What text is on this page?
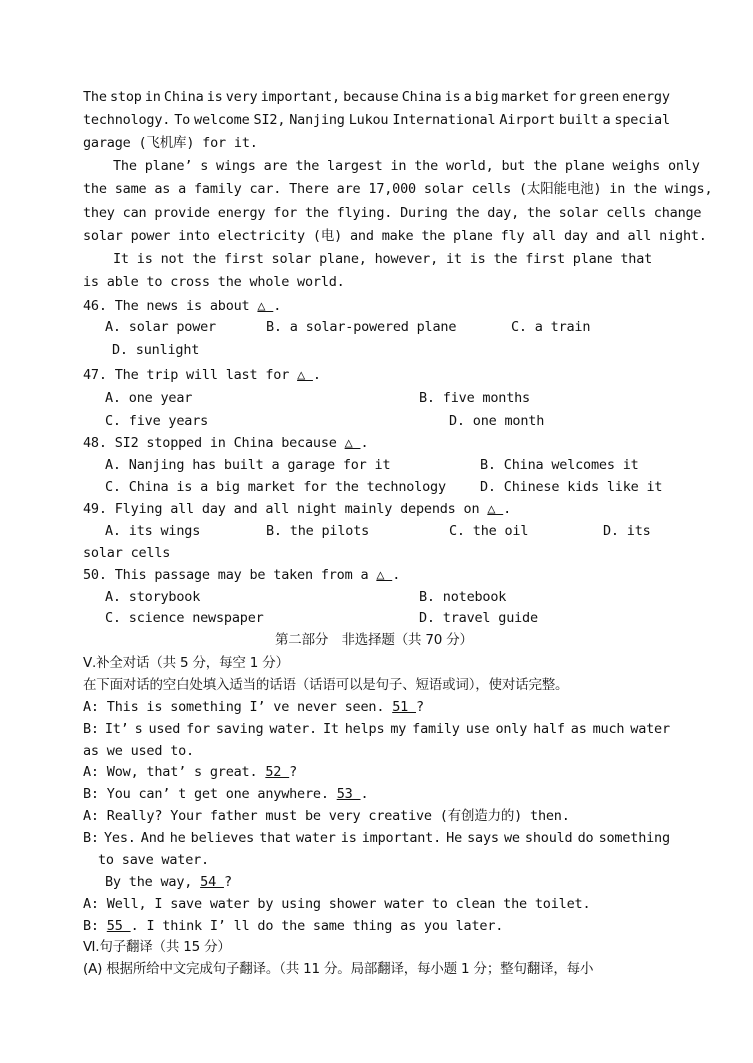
The stop in China is very important, because China is a big market for green energy
technology. To welcome SI2, Nanjing Lukou International Airport built a special
garage (飞机库) for it.
The plane’ s wings are the largest in the world, but the plane weighs only
the same as a family car. There are 17,000 solar cells (太阳能电池) in the wings,
they can provide energy for the flying. During the day, the solar cells change
solar power into electricity (电) and make the plane fly all day and all night.
It is not the first solar plane, however, it is the first plane that
is able to cross the whole world.
46. The news is about △ .
A. solar power	B. a solar-powered plane	C. a train
D. sunlight
47. The trip will last for △ .
A. one year	B. five months
C. five years	D. one month
48. SI2 stopped in China because △ .
A. Nanjing has built a garage for it	B. China welcomes it
C. China is a big market for the technology	D. Chinese kids like it
49. Flying all day and all night mainly depends on △ .
A. its wings	B. the pilots	C. the oil	D. its
solar cells
50. This passage may be taken from a △ .
A. storybook	B. notebook
C. science newspaper	D. travel guide
第二部分　非选择题（共 70 分）
Ⅴ.补全对话（共 5 分，每空 1 分）
在下面对话的空白处填入适当的话语（话语可以是句子、短语或词），使对话完整。
A: This is something I’ ve never seen. 51 ?
B: It’ s used for saving water. It helps my family use only half as much water
as we used to.
A: Wow, that’ s great. 52 ?
B: You can’ t get one anywhere. 53 .
A: Really? Your father must be very creative (有创造力的) then.
B: Yes. And he believes that water is important. He says we should do something
to save water.
By the way, 54 ?
A: Well, I save water by using shower water to clean the toilet.
B: 55 . I think I’ ll do the same thing as you later.
Ⅵ.句子翻译（共 15 分）
(A) 根据所给中文完成句子翻译。（共 11 分。局部翻译，每小题 1 分；整句翻译，每小
